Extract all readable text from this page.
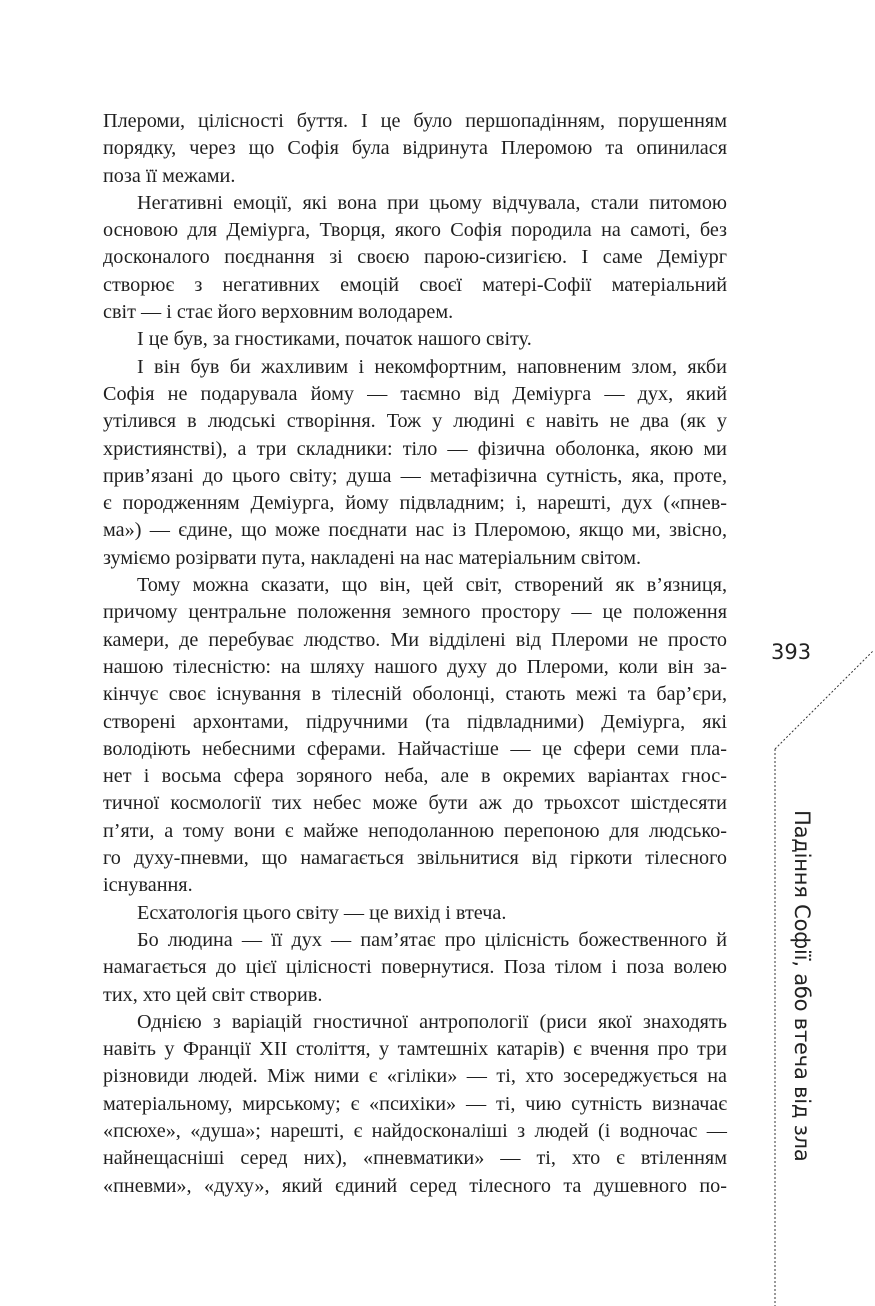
Плероми, цілісності буття. І це було першопадінням, порушенням
порядку, через що Софія була відринута Плеромою та опинилася
поза її межами.
Негативні емоції, які вона при цьому відчувала, стали питомою
основою для Деміурга, Творця, якого Софія породила на самоті, без
досконалого поєднання зі своєю парою-сизигією. І саме Деміург
створює з негативних емоцій своєї матері-Софії матеріальний
світ — і стає його верховним володарем.
І це був, за гностиками, початок нашого світу.
І він був би жахливим і некомфортним, наповненим злом, якби
Софія не подарувала йому — таємно від Деміурга — дух, який
утілився в людські створіння. Тож у людині є навіть не два (як у
християнстві), а три складники: тіло — фізична оболонка, якою ми
прив’язані до цього світу; душа — метафізична сутність, яка, проте,
є породженням Деміурга, йому підвладним; і, нарешті, дух («пнев-
ма») — єдине, що може поєднати нас із Плеромою, якщо ми, звісно,
зуміємо розірвати пута, накладені на нас матеріальним світом.
Тому можна сказати, що він, цей світ, створений як в’язниця,
причому центральне положення земного простору — це положення
камери, де перебуває людство. Ми відділені від Плероми не просто
нашою тілесністю: на шляху нашого духу до Плероми, коли він за-
кінчує своє існування в тілесній оболонці, стають межі та бар’єри,
створені архонтами, підручними (та підвладними) Деміурга, які
володіють небесними сферами. Найчастіше — це сфери семи пла-
нет і восьма сфера зоряного неба, але в окремих варіантах гнос-
тичної космології тих небес може бути аж до трьохсот шістдесяти
п’яти, а тому вони є майже неподоланною перепоною для людсько-
го духу-пневми, що намагається звільнитися від гіркоти тілесного
існування.
Есхатологія цього світу — це вихід і втеча.
Бо людина — її дух — пам’ятає про цілісність божественного й
намагається до цієї цілісності повернутися. Поза тілом і поза волею
тих, хто цей світ створив.
Однією з варіацій гностичної антропології (риси якої знаходять
навіть у Франції XII століття, у тамтешніх катарів) є вчення про три
різновиди людей. Між ними є «гіліки» — ті, хто зосереджується на
матеріальному, мирському; є «психіки» — ті, чию сутність визначає
«псюхе», «душа»; нарешті, є найдосконаліші з людей (і водночас —
найнещасніші серед них), «пневматики» — ті, хто є втіленням
«пневми», «духу», який єдиний серед тілесного та душевного по-
393
Падіння Софії, або втеча від зла
